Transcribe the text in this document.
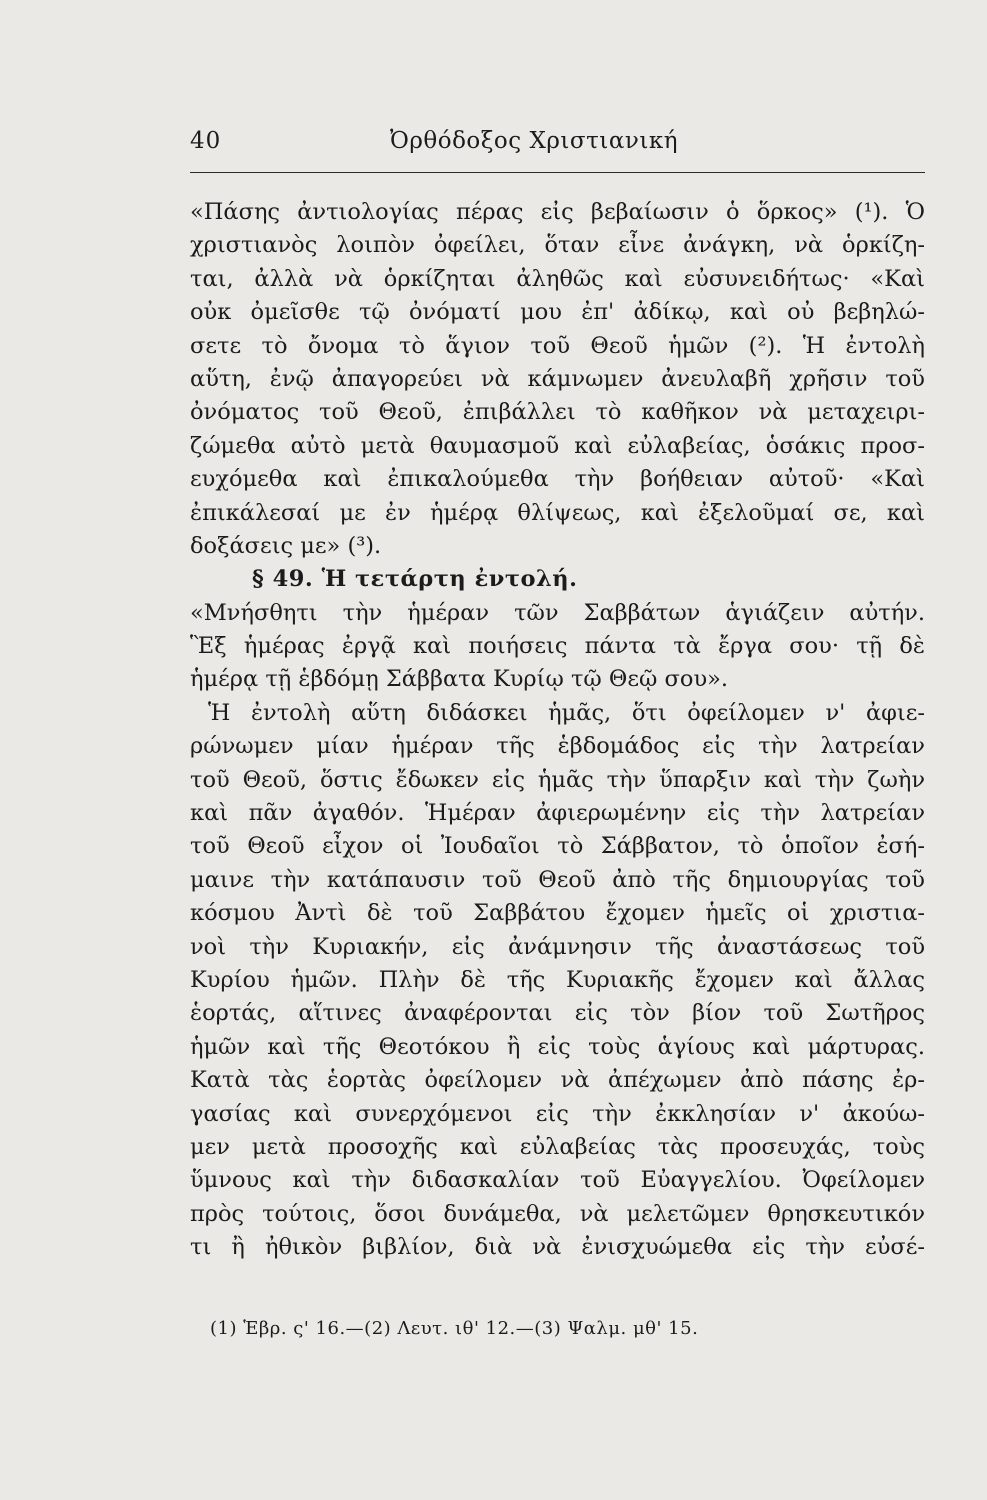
40	Ὀρθόδοξος Χριστιανική
«Πάσης ἀντιολογίας πέρας εἰς βεβαίωσιν ὁ ὅρκος» (¹). Ὁ
χριστιανὸς λοιπὸν ὀφείλει, ὅταν εἶνε ἀνάγκη, νὰ ὁρκίζη-
ται, ἀλλὰ νὰ ὁρκίζηται ἀληθῶς καὶ εὐσυνειδήτως· «Καὶ
οὐκ ὀμεῖσθε τῷ ὀνόματί μου ἐπ' ἀδίκῳ, καὶ οὐ βεβηλώ-
σετε τὸ ὄνομα τὸ ἅγιον τοῦ Θεοῦ ἡμῶν (²). Ἡ ἐντολὴ
αὕτη, ἐνῷ ἀπαγορεύει νὰ κάμνωμεν ἀνευλαβῆ χρῆσιν τοῦ
ὀνόματος τοῦ Θεοῦ, ἐπιβάλλει τὸ καθῆκον νὰ μεταχειρι-
ζώμεθα αὐτὸ μετὰ θαυμασμοῦ καὶ εὐλαβείας, ὁσάκις προσ-
ευχόμεθα καὶ ἐπικαλούμεθα τὴν βοήθειαν αὐτοῦ· «Καὶ
ἐπικάλεσαί με ἐν ἡμέρᾳ θλίψεως, καὶ ἐξελοῦμαί σε, καὶ
δοξάσεις με» (³).
§ 49. Ἡ τετάρτη ἐντολή.
«Μνήσθητι τὴν ἡμέραν τῶν Σαββάτων ἁγιάζειν αὐτήν.
Ἓξ ἡμέρας ἐργᾷ καὶ ποιήσεις πάντα τὰ ἔργα σου· τῇ δὲ
ἡμέρᾳ τῇ ἑβδόμῃ Σάββατα Κυρίῳ τῷ Θεῷ σου».
Ἡ ἐντολὴ αὕτη διδάσκει ἡμᾶς, ὅτι ὀφείλομεν ν' ἀφιε-
ρώνωμεν μίαν ἡμέραν τῆς ἑβδομάδος εἰς τὴν λατρείαν
τοῦ Θεοῦ, ὅστις ἔδωκεν εἰς ἡμᾶς τὴν ὕπαρξιν καὶ τὴν ζωὴν
καὶ πᾶν ἀγαθόν. Ἡμέραν ἀφιερωμένην εἰς τὴν λατρείαν
τοῦ Θεοῦ εἶχον οἱ Ἰουδαῖοι τὸ Σάββατον, τὸ ὁποῖον ἐσή-
μαινε τὴν κατάπαυσιν τοῦ Θεοῦ ἀπὸ τῆς δημιουργίας τοῦ
κόσμου Ἀντὶ δὲ τοῦ Σαββάτου ἔχομεν ἡμεῖς οἱ χριστια-
νοὶ τὴν Κυριακήν, εἰς ἀνάμνησιν τῆς ἀναστάσεως τοῦ
Κυρίου ἡμῶν. Πλὴν δὲ τῆς Κυριακῆς ἔχομεν καὶ ἄλλας
ἑορτάς, αἵτινες ἀναφέρονται εἰς τὸν βίον τοῦ Σωτῆρος
ἡμῶν καὶ τῆς Θεοτόκου ἢ εἰς τοὺς ἁγίους καὶ μάρτυρας.
Κατὰ τὰς ἑορτὰς ὀφείλομεν νὰ ἀπέχωμεν ἀπὸ πάσης ἐρ-
γασίας καὶ συνερχόμενοι εἰς τὴν ἐκκλησίαν ν' ἀκούω-
μεν μετὰ προσοχῆς καὶ εὐλαβείας τὰς προσευχάς, τοὺς
ὕμνους καὶ τὴν διδασκαλίαν τοῦ Εὐαγγελίου. Ὀφείλομεν
πρὸς τούτοις, ὅσοι δυνάμεθα, νὰ μελετῶμεν θρησκευτικόν
τι ἢ ἠθικὸν βιβλίον, διὰ νὰ ἐνισχυώμεθα εἰς τὴν εὐσέ-
(1) Ἑβρ. ς' 16.—(2) Λευτ. ιθ' 12.—(3) Ψαλμ. μθ' 15.
